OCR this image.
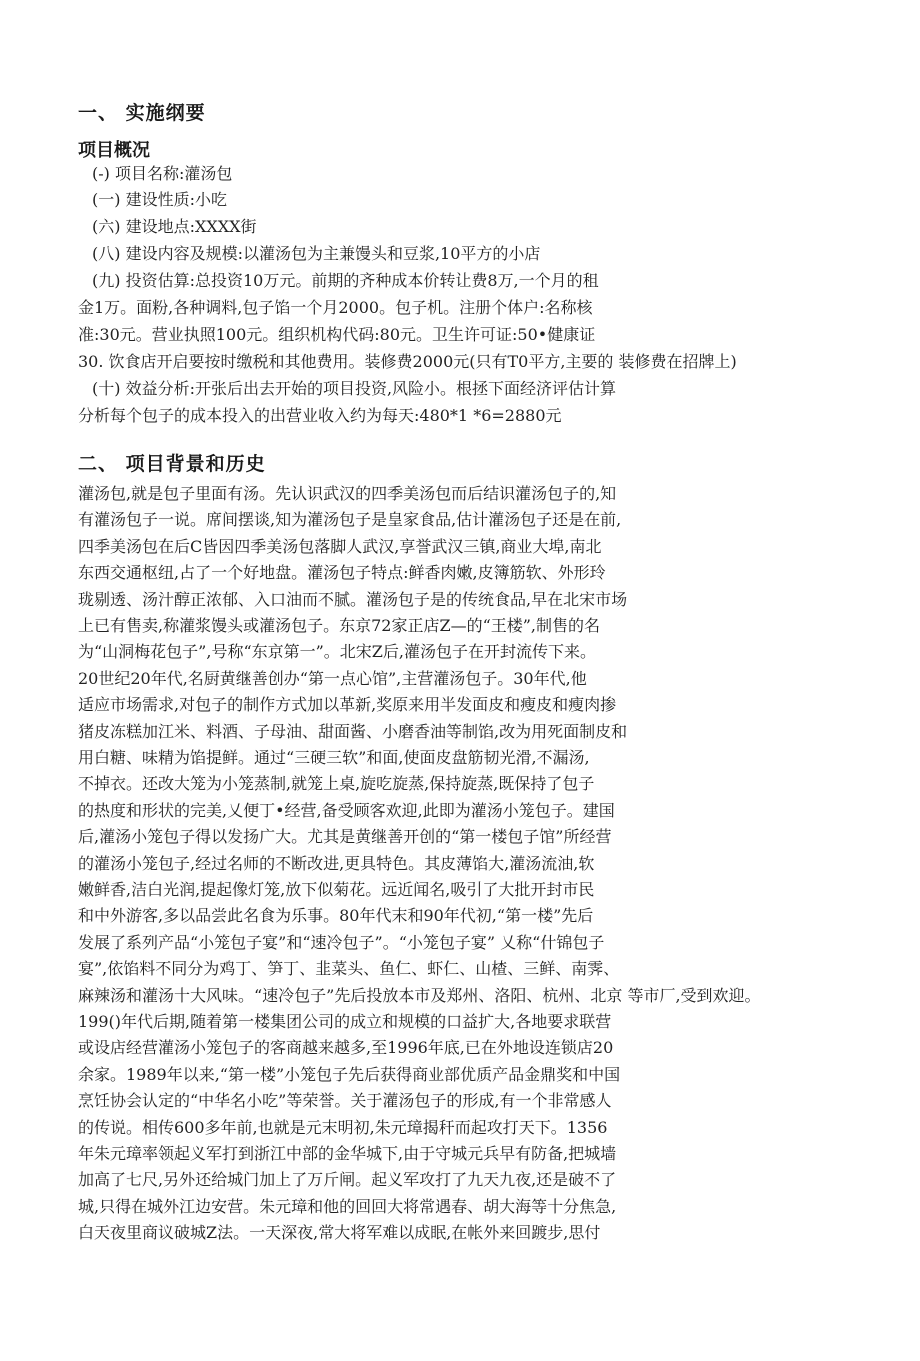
一、 实施纲要
项目概况
(-) 项目名称:灌汤包
(一) 建设性质:小吃
(六) 建设地点:XXXX街
(八) 建设内容及规模:以灌汤包为主兼馒头和豆浆,10平方的小店
(九) 投资估算:总投资10万元。前期的齐种成本价转让费8万,一个月的租
金1万。面粉,各种调料,包子馅一个月2000。包子机。注册个体户:名称核
准:30元。营业执照100元。组织机构代码:80元。卫生许可证:50•健康证
30. 饮食店开启要按时缴税和其他费用。装修费2000元(只有T0平方,主要的 装修费在招牌上)
(十) 效益分析:开张后出去开始的项目投资,风险小。根拯下面经济评估计算
分析每个包子的成本投入的出营业收入约为每天:480*1 *6=2880元
二、 项目背景和历史
灌汤包,就是包子里面有汤。先认识武汉的四季美汤包而后结识灌汤包子的,知
有灌汤包子一说。席间摆谈,知为灌汤包子是皇家食品,估计灌汤包子还是在前,
四季美汤包在后C皆因四季美汤包落脚人武汉,享誉武汉三镇,商业大埠,南北
东西交通枢纽,占了一个好地盘。灌汤包子特点:鲜香肉嫩,皮簿筋软、外形玲
珑剔透、汤汁醇正浓郁、入口油而不腻。灌汤包子是的传统食品,早在北宋市场
上已有售卖,称灌浆馒头或灌汤包子。东京72家正店Z—的“王楼”,制售的名
为“山洞梅花包子”,号称“东京第一”。北宋Z后,灌汤包子在开封流传下来。
20世纪20年代,名厨黄继善创办“第一点心馆”,主营灌汤包子。30年代,他
适应市场需求,对包子的制作方式加以革新,奖原来用半发面皮和瘦皮和瘦肉掺
猪皮冻糕加江米、料酒、子母油、甜面酱、小磨香油等制馅,改为用死面制皮和
用白糖、味精为馅提鲜。通过“三硬三软”和面,使面皮盘筋韧光滑,不漏汤,
不掉衣。还改大笼为小笼蒸制,就笼上桌,旋吃旋蒸,保持旋蒸,既保持了包子
的热度和形状的完美,乂便丁•经营,备受顾客欢迎,此即为灌汤小笼包子。建国
后,灌汤小笼包子得以发扬广大。尤其是黄继善开创的“第一楼包子馆”所经营
的灌汤小笼包子,经过名师的不断改进,更具特色。其皮薄馅大,灌汤流油,软
嫩鲜香,洁白光润,提起像灯笼,放下似菊花。远近闻名,吸引了大批开封市民
和中外游客,多以品尝此名食为乐事。80年代末和90年代初,“第一楼”先后
发展了系列产品“小笼包子宴”和“速冷包子”。“小笼包子宴” 乂称“什锦包子
宴”,依馅料不同分为鸡丁、笋丁、韭菜头、鱼仁、虾仁、山楂、三鲜、南霁、
麻辣汤和灌汤十大风味。“速冷包子”先后投放本市及郑州、洛阳、杭州、北京 等市厂,受到欢迎。
199()年代后期,随着第一楼集团公司的成立和规模的口益扩大,各地要求联营
或设店经营灌汤小笼包子的客商越来越多,至1996年底,已在外地设连锁店20
余家。1989年以来,“第一楼”小笼包子先后获得商业部优质产品金鼎奖和中国
烹饪协会认定的“中华名小吃”等荣誉。关于灌汤包子的形成,有一个非常感人
的传说。相传600多年前,也就是元末明初,朱元璋揭秆而起攻打天下。1356
年朱元璋率领起义军打到浙江中部的金华城下,由于守城元兵早有防备,把城墙
加高了七尺,另外还给城门加上了万斤闸。起义军攻打了九天九夜,还是破不了
城,只得在城外江边安营。朱元璋和他的回回大将常遇春、胡大海等十分焦急,
白天夜里商议破城Z法。一天深夜,常大将军难以成眠,在帐外来回踱步,思付
